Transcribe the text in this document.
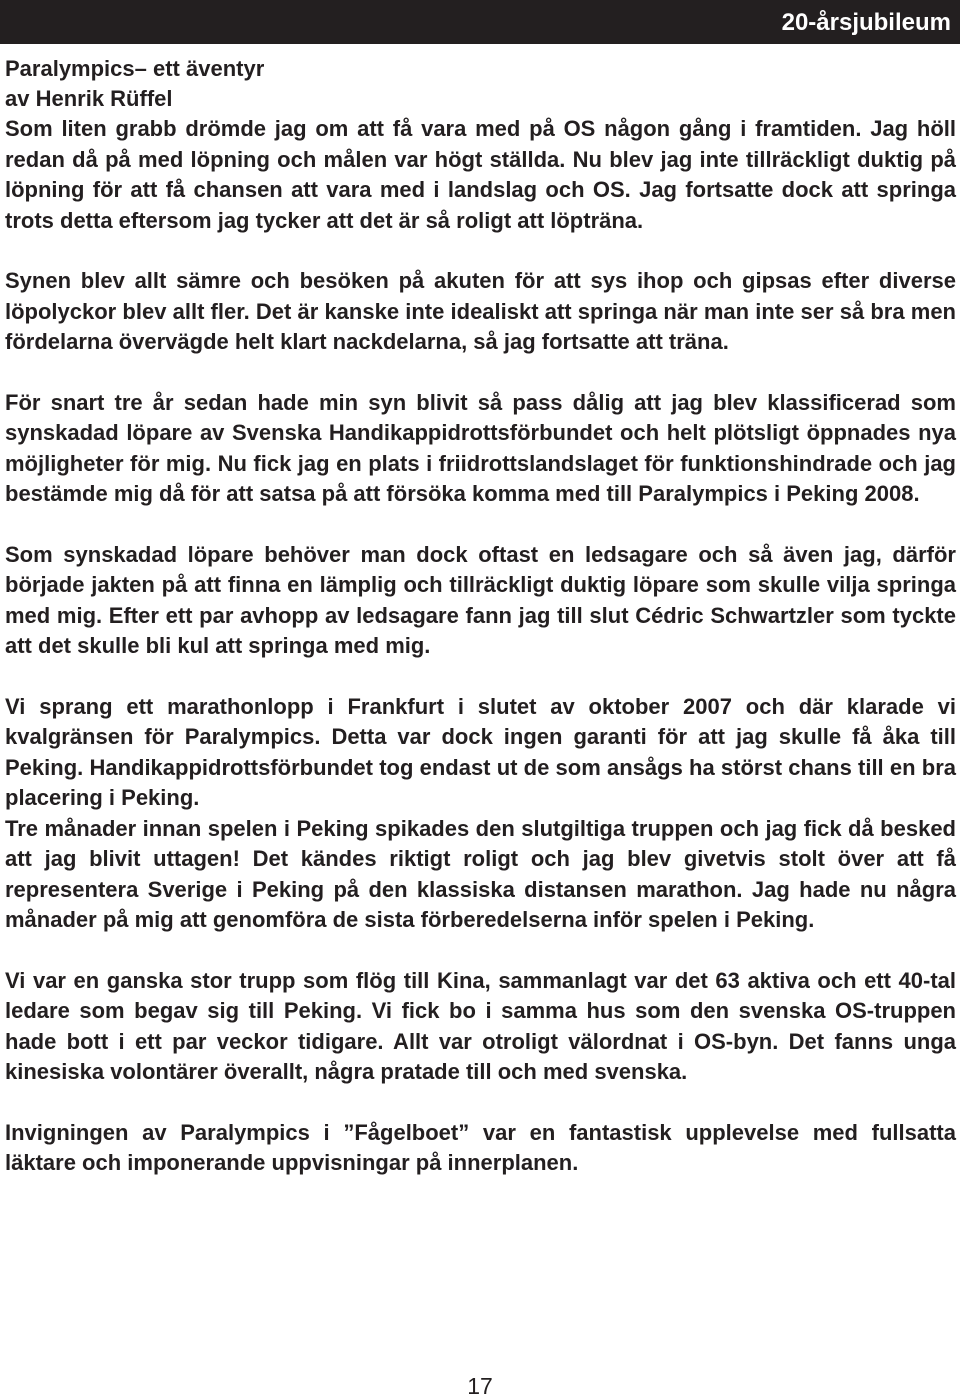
20-årsjubileum

Paralympics– ett äventyr

av Henrik Rüffel

Som liten grabb drömde jag om att få vara med på OS någon gång i framtiden. Jag höll redan då på med löpning och målen var högt ställda. Nu blev jag inte tillräckligt duktig på löpning för att få chansen att vara med i landslag och OS. Jag fortsatte dock att springa trots detta eftersom jag tycker att det är så roligt att löpträna.

Synen blev allt sämre och besöken på akuten för att sys ihop och gipsas efter diverse löpolyckor blev allt fler. Det är kanske inte idealiskt att springa när man inte ser så bra men fördelarna övervägde helt klart nackdelarna, så jag fortsatte att träna.

För snart tre år sedan hade min syn blivit så pass dålig att jag blev klassificerad som synskadad löpare av Svenska Handikappidrottsförbundet och helt plötsligt öppnades nya möjligheter för mig. Nu fick jag en plats i friidrottslandslaget för funktionshindrade och jag bestämde mig då för att satsa på att försöka komma med till Paralympics i Peking 2008.

Som synskadad löpare behöver man dock oftast en ledsagare och så även jag, därför började jakten på att finna en lämplig och tillräckligt duktig löpare som skulle vilja springa med mig. Efter ett par avhopp av ledsagare fann jag till slut Cédric Schwartzler som tyckte att det skulle bli kul att springa med mig.

Vi sprang ett marathonlopp i Frankfurt i slutet av oktober 2007 och där klarade vi kvalgränsen för Paralympics. Detta var dock ingen garanti för att jag skulle få åka till Peking. Handikappidrottsförbundet tog endast ut de som ansågs ha störst chans till en bra placering i Peking.

Tre månader innan spelen i Peking spikades den slutgiltiga truppen och jag fick då besked att jag blivit uttagen! Det kändes riktigt roligt och jag blev givetvis stolt över att få representera Sverige i Peking på den klassiska distansen marathon. Jag hade nu några månader på mig att genomföra de sista förberedelserna inför spelen i Peking.

Vi var en ganska stor trupp som flög till Kina, sammanlagt var det 63 aktiva och ett 40-tal ledare som begav sig till Peking. Vi fick bo i samma hus som den svenska OS-truppen hade bott i ett par veckor tidigare. Allt var otroligt välordnat i OS-byn. Det fanns unga kinesiska volontärer överallt, några pratade till och med svenska.

Invigningen av Paralympics i ”Fågelboet” var en fantastisk upplevelse med fullsatta läktare och imponerande uppvisningar på innerplanen.

17
